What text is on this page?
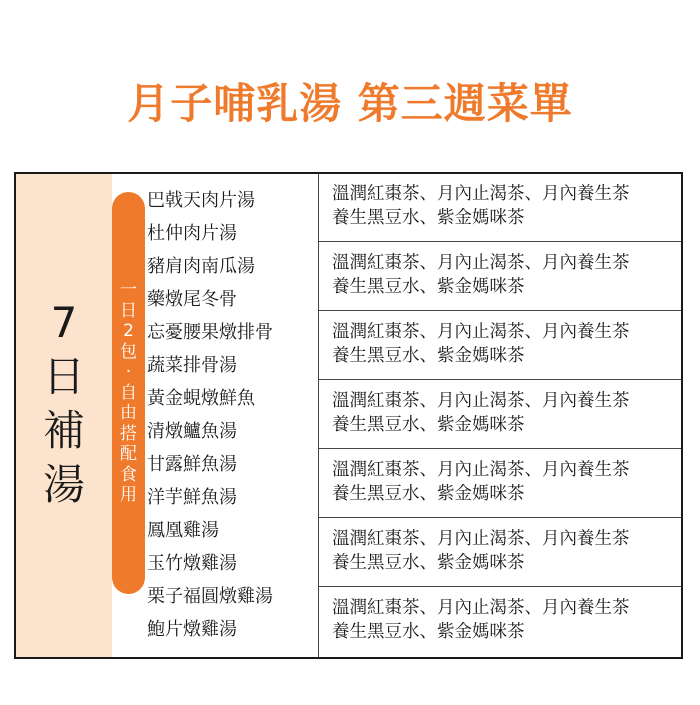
月子哺乳湯 第三週菜單
7
日
補
湯
一
日
2
包
·
自
由
搭
配
食
用
巴戟天肉片湯
杜仲肉片湯
豬肩肉南瓜湯
藥燉尾冬骨
忘憂腰果燉排骨
蔬菜排骨湯
黃金蜆燉鮮魚
清燉鱸魚湯
甘露鮮魚湯
洋芋鮮魚湯
鳳凰雞湯
玉竹燉雞湯
栗子福圓燉雞湯
鮑片燉雞湯
溫潤紅棗茶、月內止渴茶、月內養生茶
養生黑豆水、紫金媽咪茶
溫潤紅棗茶、月內止渴茶、月內養生茶
養生黑豆水、紫金媽咪茶
溫潤紅棗茶、月內止渴茶、月內養生茶
養生黑豆水、紫金媽咪茶
溫潤紅棗茶、月內止渴茶、月內養生茶
養生黑豆水、紫金媽咪茶
溫潤紅棗茶、月內止渴茶、月內養生茶
養生黑豆水、紫金媽咪茶
溫潤紅棗茶、月內止渴茶、月內養生茶
養生黑豆水、紫金媽咪茶
溫潤紅棗茶、月內止渴茶、月內養生茶
養生黑豆水、紫金媽咪茶
